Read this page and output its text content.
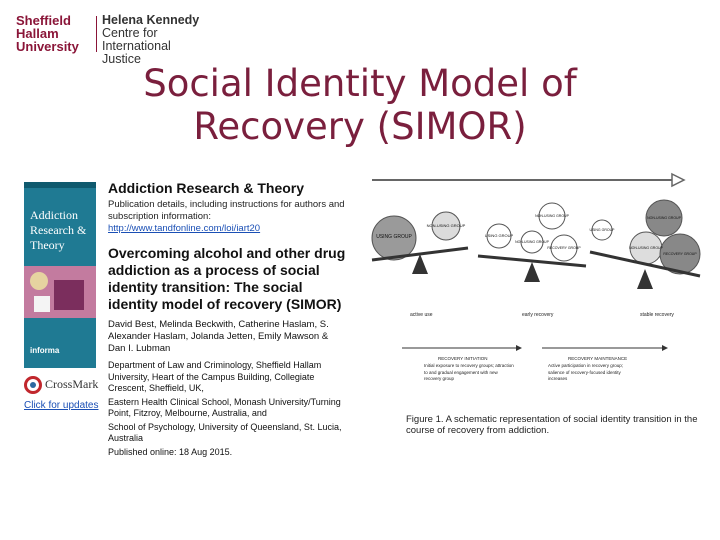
Sheffield
Hallam
University
Helena Kennedy
Centre for
International Justice
Social Identity Model of
Recovery (SIMOR)
Addiction
Research & Theory
informa
CrossMark
Click for updates
Addiction Research & Theory
Publication details, including instructions for authors and subscription information:
http://www.tandfonline.com/loi/iart20
Overcoming alcohol and other drug addiction as a process of social identity transition: The social identity model of recovery (SIMOR)
David Best, Melinda Beckwith, Catherine Haslam, S. Alexander Haslam, Jolanda Jetten, Emily Mawson & Dan I. Lubman
Department of Law and Criminology, Sheffield Hallam University, Heart of the Campus Building, Collegiate Crescent, Sheffield, UK,
Eastern Health Clinical School, Monash University/Turning Point, Fitzroy, Melbourne, Australia, and
School of Psychology, University of Queensland, St. Lucia, Australia
Published online: 18 Aug 2015.
USING GROUP
NON-USING GROUP
USING GROUP
NON-USING GROUP
NON-USING GROUP
RECOVERY GROUP
USING GROUP
NON-USING GROUP
NON-USING GROUP
RECOVERY GROUP
active use	early recovery	stable recovery
RECOVERY INITIATION	RECOVERY MAINTENANCE
Initial exposure to recovery groups; attraction to and gradual engagement with new recovery group
Active participation in recovery group; salience of recovery-focused identity increases
Figure 1. A schematic representation of social identity transition in the course of recovery from addiction.
